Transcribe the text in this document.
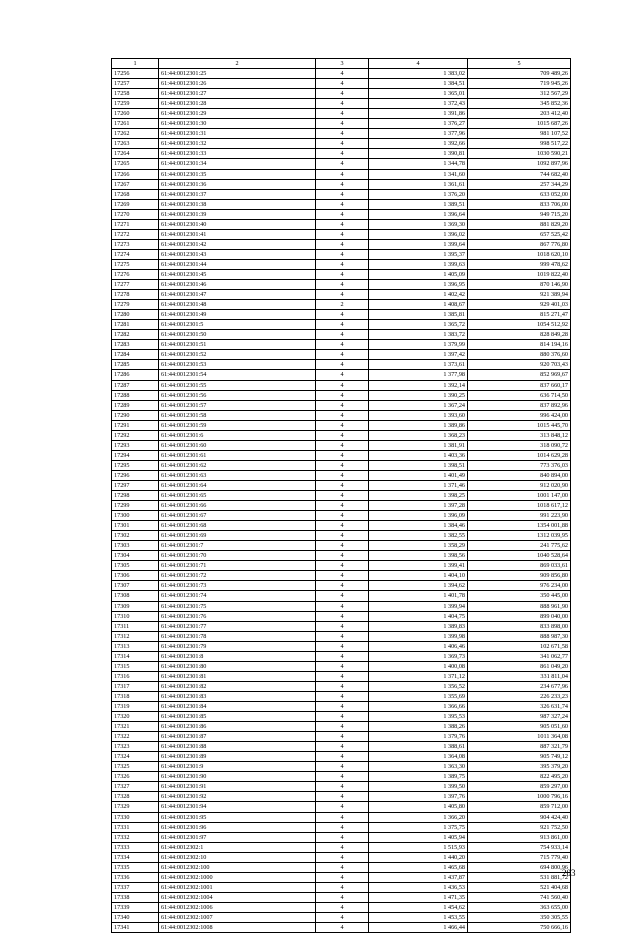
1	2	3	4	5
17256	61:44:0012301:25	4	1 383,02	709 489,26
17257	61:44:0012301:26	4	1 384,51	719 945,26
17258	61:44:0012301:27	4	1 365,01	312 567,29
17259	61:44:0012301:28	4	1 372,43	345 852,36
17260	61:44:0012301:29	4	1 391,86	203 412,40
17261	61:44:0012301:30	4	1 376,27	1015 687,26
17262	61:44:0012301:31	4	1 377,96	981 107,52
17263	61:44:0012301:32	4	1 392,66	998 517,22
17264	61:44:0012301:33	4	1 390,81	1030 590,21
17265	61:44:0012301:34	4	1 344,78	1092 897,96
17266	61:44:0012301:35	4	1 341,60	744 682,40
17267	61:44:0012301:36	4	1 361,61	257 344,29
17268	61:44:0012301:37	4	1 376,20	633 052,00
17269	61:44:0012301:38	4	1 389,51	833 706,00
17270	61:44:0012301:39	4	1 396,64	949 715,20
17271	61:44:0012301:40	4	1 369,30	881 829,20
17272	61:44:0012301:41	4	1 396,02	657 525,42
17273	61:44:0012301:42	4	1 399,64	867 776,80
17274	61:44:0012301:43	4	1 395,37	1018 620,10
17275	61:44:0012301:44	4	1 399,63	999 478,62
17276	61:44:0012301:45	4	1 405,09	1019 822,40
17277	61:44:0012301:46	4	1 396,95	870 146,90
17278	61:44:0012301:47	4	1 402,42	921 389,94
17279	61:44:0012301:48	2	1 408,67	929 401,03
17280	61:44:0012301:49	4	1 385,81	815 271,47
17281	61:44:0012301:5	4	1 365,72	1054 512,92
17282	61:44:0012301:50	4	1 383,72	828 849,28
17283	61:44:0012301:51	4	1 379,99	814 194,16
17284	61:44:0012301:52	4	1 397,42	880 376,60
17285	61:44:0012301:53	4	1 373,61	920 703,43
17286	61:44:0012301:54	4	1 377,98	852 969,67
17287	61:44:0012301:55	4	1 392,14	837 660,17
17288	61:44:0012301:56	4	1 390,25	636 714,50
17289	61:44:0012301:57	4	1 367,24	837 892,96
17290	61:44:0012301:58	4	1 393,60	996 424,00
17291	61:44:0012301:59	4	1 389,86	1015 445,70
17292	61:44:0012301:6	4	1 368,23	313 848,12
17293	61:44:0012301:60	4	1 381,91	318 090,72
17294	61:44:0012301:61	4	1 403,36	1014 629,28
17295	61:44:0012301:62	4	1 398,51	773 376,03
17296	61:44:0012301:63	4	1 401,49	840 894,00
17297	61:44:0012301:64	4	1 371,46	912 020,90
17298	61:44:0012301:65	4	1 398,25	1001 147,00
17299	61:44:0012301:66	4	1 397,28	1018 617,12
17300	61:44:0012301:67	4	1 396,09	991 223,90
17301	61:44:0012301:68	4	1 384,46	1354 001,88
17302	61:44:0012301:69	4	1 382,55	1312 039,95
17303	61:44:0012301:7	4	1 358,29	241 775,62
17304	61:44:0012301:70	4	1 398,56	1040 528,64
17305	61:44:0012301:71	4	1 399,41	869 033,61
17306	61:44:0012301:72	4	1 404,10	909 856,80
17307	61:44:0012301:73	4	1 394,62	976 234,00
17308	61:44:0012301:74	4	1 401,78	350 445,00
17309	61:44:0012301:75	4	1 399,94	888 961,90
17310	61:44:0012301:76	4	1 404,75	899 040,00
17311	61:44:0012301:77	4	1 389,83	833 898,00
17312	61:44:0012301:78	4	1 399,98	888 987,30
17313	61:44:0012301:79	4	1 406,46	102 671,58
17314	61:44:0012301:8	4	1 369,73	341 062,77
17315	61:44:0012301:80	4	1 400,08	861 049,20
17316	61:44:0012301:81	4	1 371,12	331 811,04
17317	61:44:0012301:82	4	1 356,52	234 677,96
17318	61:44:0012301:83	4	1 355,69	226 233,23
17319	61:44:0012301:84	4	1 366,66	326 631,74
17320	61:44:0012301:85	4	1 395,53	987 327,24
17321	61:44:0012301:86	4	1 388,26	905 051,60
17322	61:44:0012301:87	4	1 379,76	1011 364,08
17323	61:44:0012301:88	4	1 388,61	887 321,79
17324	61:44:0012301:89	4	1 364,08	905 749,12
17325	61:44:0012301:9	4	1 363,30	395 379,20
17326	61:44:0012301:90	4	1 389,75	822 495,20
17327	61:44:0012301:91	4	1 399,50	859 297,00
17328	61:44:0012301:92	4	1 397,76	1000 796,16
17329	61:44:0012301:94	4	1 405,80	859 712,00
17330	61:44:0012301:95	4	1 366,20	904 424,40
17331	61:44:0012301:96	4	1 375,75	921 752,50
17332	61:44:0012301:97	4	1 405,94	913 861,00
17333	61:44:0012302:1	4	1 515,93	754 933,14
17334	61:44:0012302:10	4	1 440,20	715 779,40
17335	61:44:0012302:100	4	1 465,68	694 800,96
17336	61:44:0012302:1000	4	1 437,87	531 881,72
17337	61:44:0012302:1001	4	1 436,53	521 404,68
17338	61:44:0012302:1004	4	1 471,35	741 560,40
17339	61:44:0012302:1006	4	1 454,62	363 655,00
17340	61:44:0012302:1007	4	1 453,55	350 305,55
17341	61:44:0012302:1008	4	1 466,44	750 666,16
203
